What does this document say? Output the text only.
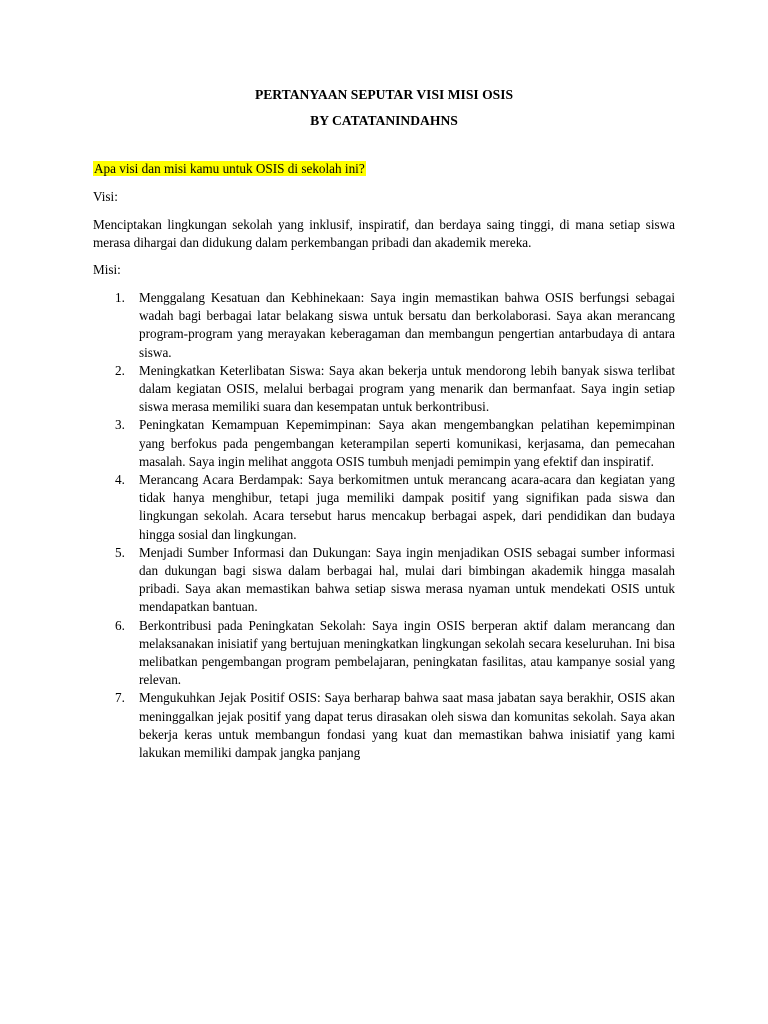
PERTANYAAN SEPUTAR VISI MISI OSIS

BY CATATANINDAHNS

Apa visi dan misi kamu untuk OSIS di sekolah ini?
Visi:
Menciptakan lingkungan sekolah yang inklusif, inspiratif, dan berdaya saing tinggi, di mana setiap siswa merasa dihargai dan didukung dalam perkembangan pribadi dan akademik mereka.
Misi:
1.	Menggalang Kesatuan dan Kebhinekaan: Saya ingin memastikan bahwa OSIS berfungsi sebagai wadah bagi berbagai latar belakang siswa untuk bersatu dan berkolaborasi. Saya akan merancang program-program yang merayakan keberagaman dan membangun pengertian antarbudaya di antara siswa.
2.	Meningkatkan Keterlibatan Siswa: Saya akan bekerja untuk mendorong lebih banyak siswa terlibat dalam kegiatan OSIS, melalui berbagai program yang menarik dan bermanfaat. Saya ingin setiap siswa merasa memiliki suara dan kesempatan untuk berkontribusi.
3.	Peningkatan Kemampuan Kepemimpinan: Saya akan mengembangkan pelatihan kepemimpinan yang berfokus pada pengembangan keterampilan seperti komunikasi, kerjasama, dan pemecahan masalah. Saya ingin melihat anggota OSIS tumbuh menjadi pemimpin yang efektif dan inspiratif.
4.	Merancang Acara Berdampak: Saya berkomitmen untuk merancang acara-acara dan kegiatan yang tidak hanya menghibur, tetapi juga memiliki dampak positif yang signifikan pada siswa dan lingkungan sekolah. Acara tersebut harus mencakup berbagai aspek, dari pendidikan dan budaya hingga sosial dan lingkungan.
5.	Menjadi Sumber Informasi dan Dukungan: Saya ingin menjadikan OSIS sebagai sumber informasi dan dukungan bagi siswa dalam berbagai hal, mulai dari bimbingan akademik hingga masalah pribadi. Saya akan memastikan bahwa setiap siswa merasa nyaman untuk mendekati OSIS untuk mendapatkan bantuan.
6.	Berkontribusi pada Peningkatan Sekolah: Saya ingin OSIS berperan aktif dalam merancang dan melaksanakan inisiatif yang bertujuan meningkatkan lingkungan sekolah secara keseluruhan. Ini bisa melibatkan pengembangan program pembelajaran, peningkatan fasilitas, atau kampanye sosial yang relevan.
7.	Mengukuhkan Jejak Positif OSIS: Saya berharap bahwa saat masa jabatan saya berakhir, OSIS akan meninggalkan jejak positif yang dapat terus dirasakan oleh siswa dan komunitas sekolah. Saya akan bekerja keras untuk membangun fondasi yang kuat dan memastikan bahwa inisiatif yang kami lakukan memiliki dampak jangka panjang
